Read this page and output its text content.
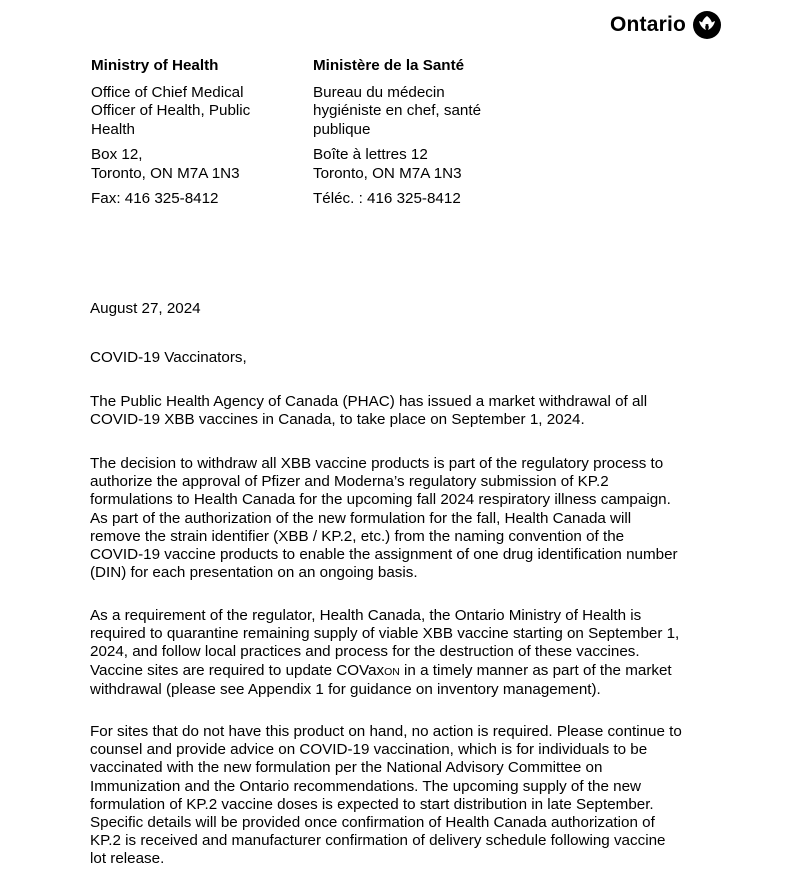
Ontario
Ministry of Health
Office of Chief Medical
Officer of Health, Public
Health
Box 12,
Toronto, ON M7A 1N3
Fax: 416 325-8412
Ministère de la Santé
Bureau du médecin
hygiéniste en chef, santé
publique
Boîte à lettres 12
Toronto, ON M7A 1N3
Téléc. : 416 325-8412
August 27, 2024
COVID-19 Vaccinators,
The Public Health Agency of Canada (PHAC) has issued a market withdrawal of all
COVID-19 XBB vaccines in Canada, to take place on September 1, 2024.
The decision to withdraw all XBB vaccine products is part of the regulatory process to
authorize the approval of Pfizer and Moderna’s regulatory submission of KP.2
formulations to Health Canada for the upcoming fall 2024 respiratory illness campaign.
As part of the authorization of the new formulation for the fall, Health Canada will
remove the strain identifier (XBB / KP.2, etc.) from the naming convention of the
COVID-19 vaccine products to enable the assignment of one drug identification number
(DIN) for each presentation on an ongoing basis.
As a requirement of the regulator, Health Canada, the Ontario Ministry of Health is
required to quarantine remaining supply of viable XBB vaccine starting on September 1,
2024, and follow local practices and process for the destruction of these vaccines.
Vaccine sites are required to update COVaxON in a timely manner as part of the market
withdrawal (please see Appendix 1 for guidance on inventory management).
For sites that do not have this product on hand, no action is required. Please continue to
counsel and provide advice on COVID-19 vaccination, which is for individuals to be
vaccinated with the new formulation per the National Advisory Committee on
Immunization and the Ontario recommendations. The upcoming supply of the new
formulation of KP.2 vaccine doses is expected to start distribution in late September.
Specific details will be provided once confirmation of Health Canada authorization of
KP.2 is received and manufacturer confirmation of delivery schedule following vaccine
lot release.
